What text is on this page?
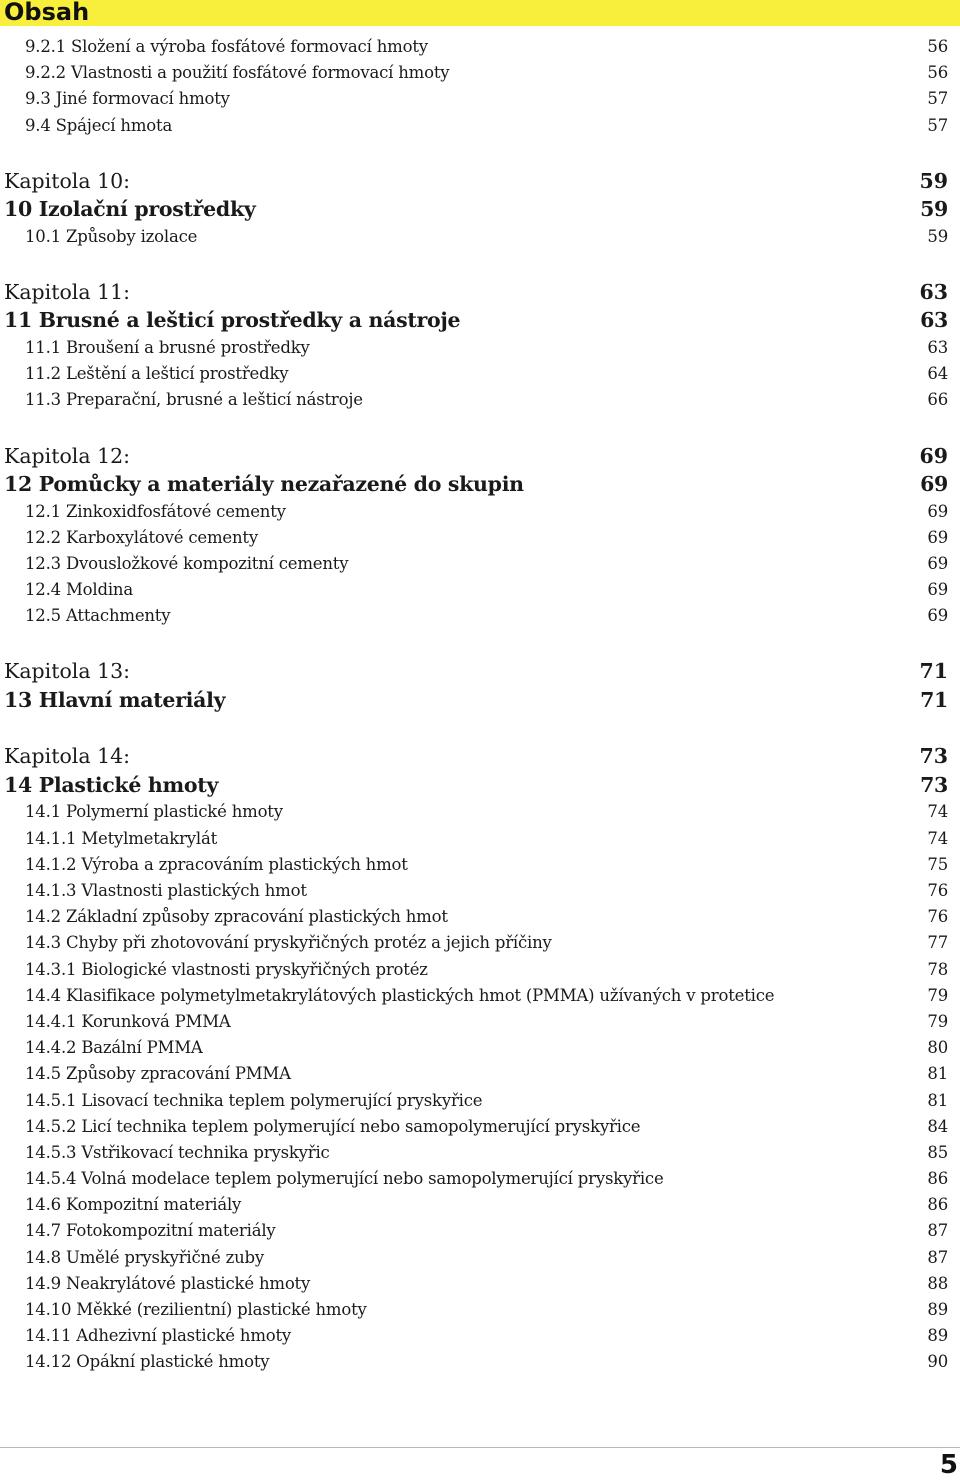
Obsah
9.2.1 Složení a výroba fosfátové formovací hmoty	56
9.2.2 Vlastnosti a použití fosfátové formovací hmoty	56
9.3 Jiné formovací hmoty	57
9.4 Spájecí hmota	57
Kapitola 10:	59
10 Izolační prostředky	59
10.1 Způsoby izolace	59
Kapitola 11:	63
11 Brusné a lešticí prostředky a nástroje	63
11.1 Broušení a brusné prostředky	63
11.2 Leštění a lešticí prostředky	64
11.3 Preparační, brusné a lešticí nástroje	66
Kapitola 12:	69
12 Pomůcky a materiály nezařazené do skupin	69
12.1 Zinkoxidfosfátové cementy	69
12.2 Karboxylátové cementy	69
12.3 Dvousložkové kompozitní cementy	69
12.4 Moldina	69
12.5 Attachmenty	69
Kapitola 13:	71
13 Hlavní materiály	71
Kapitola 14:	73
14 Plastické hmoty	73
14.1 Polymerní plastické hmoty	74
14.1.1 Metylmetakrylát	74
14.1.2 Výroba a zpracováním plastických hmot	75
14.1.3 Vlastnosti plastických hmot	76
14.2 Základní způsoby zpracování plastických hmot	76
14.3 Chyby při zhotovování pryskyřičných protéz a jejich příčiny	77
14.3.1 Biologické vlastnosti pryskyřičných protéz	78
14.4 Klasifikace polymetylmetakrylátových plastických hmot (PMMA) užívaných v protetice	79
14.4.1 Korunková PMMA	79
14.4.2 Bazální PMMA	80
14.5 Způsoby zpracování PMMA	81
14.5.1 Lisovací technika teplem polymerující pryskyřice	81
14.5.2 Licí technika teplem polymerující nebo samopolymerující pryskyřice	84
14.5.3 Vstřikovací technika pryskyřic	85
14.5.4 Volná modelace teplem polymerující nebo samopolymerující pryskyřice	86
14.6 Kompozitní materiály	86
14.7 Fotokompozitní materiály	87
14.8 Umělé pryskyřičné zuby	87
14.9 Neakrylátové plastické hmoty	88
14.10 Měkké (rezilientní) plastické hmoty	89
14.11 Adhezivní plastické hmoty	89
14.12 Opákní plastické hmoty	90
5
